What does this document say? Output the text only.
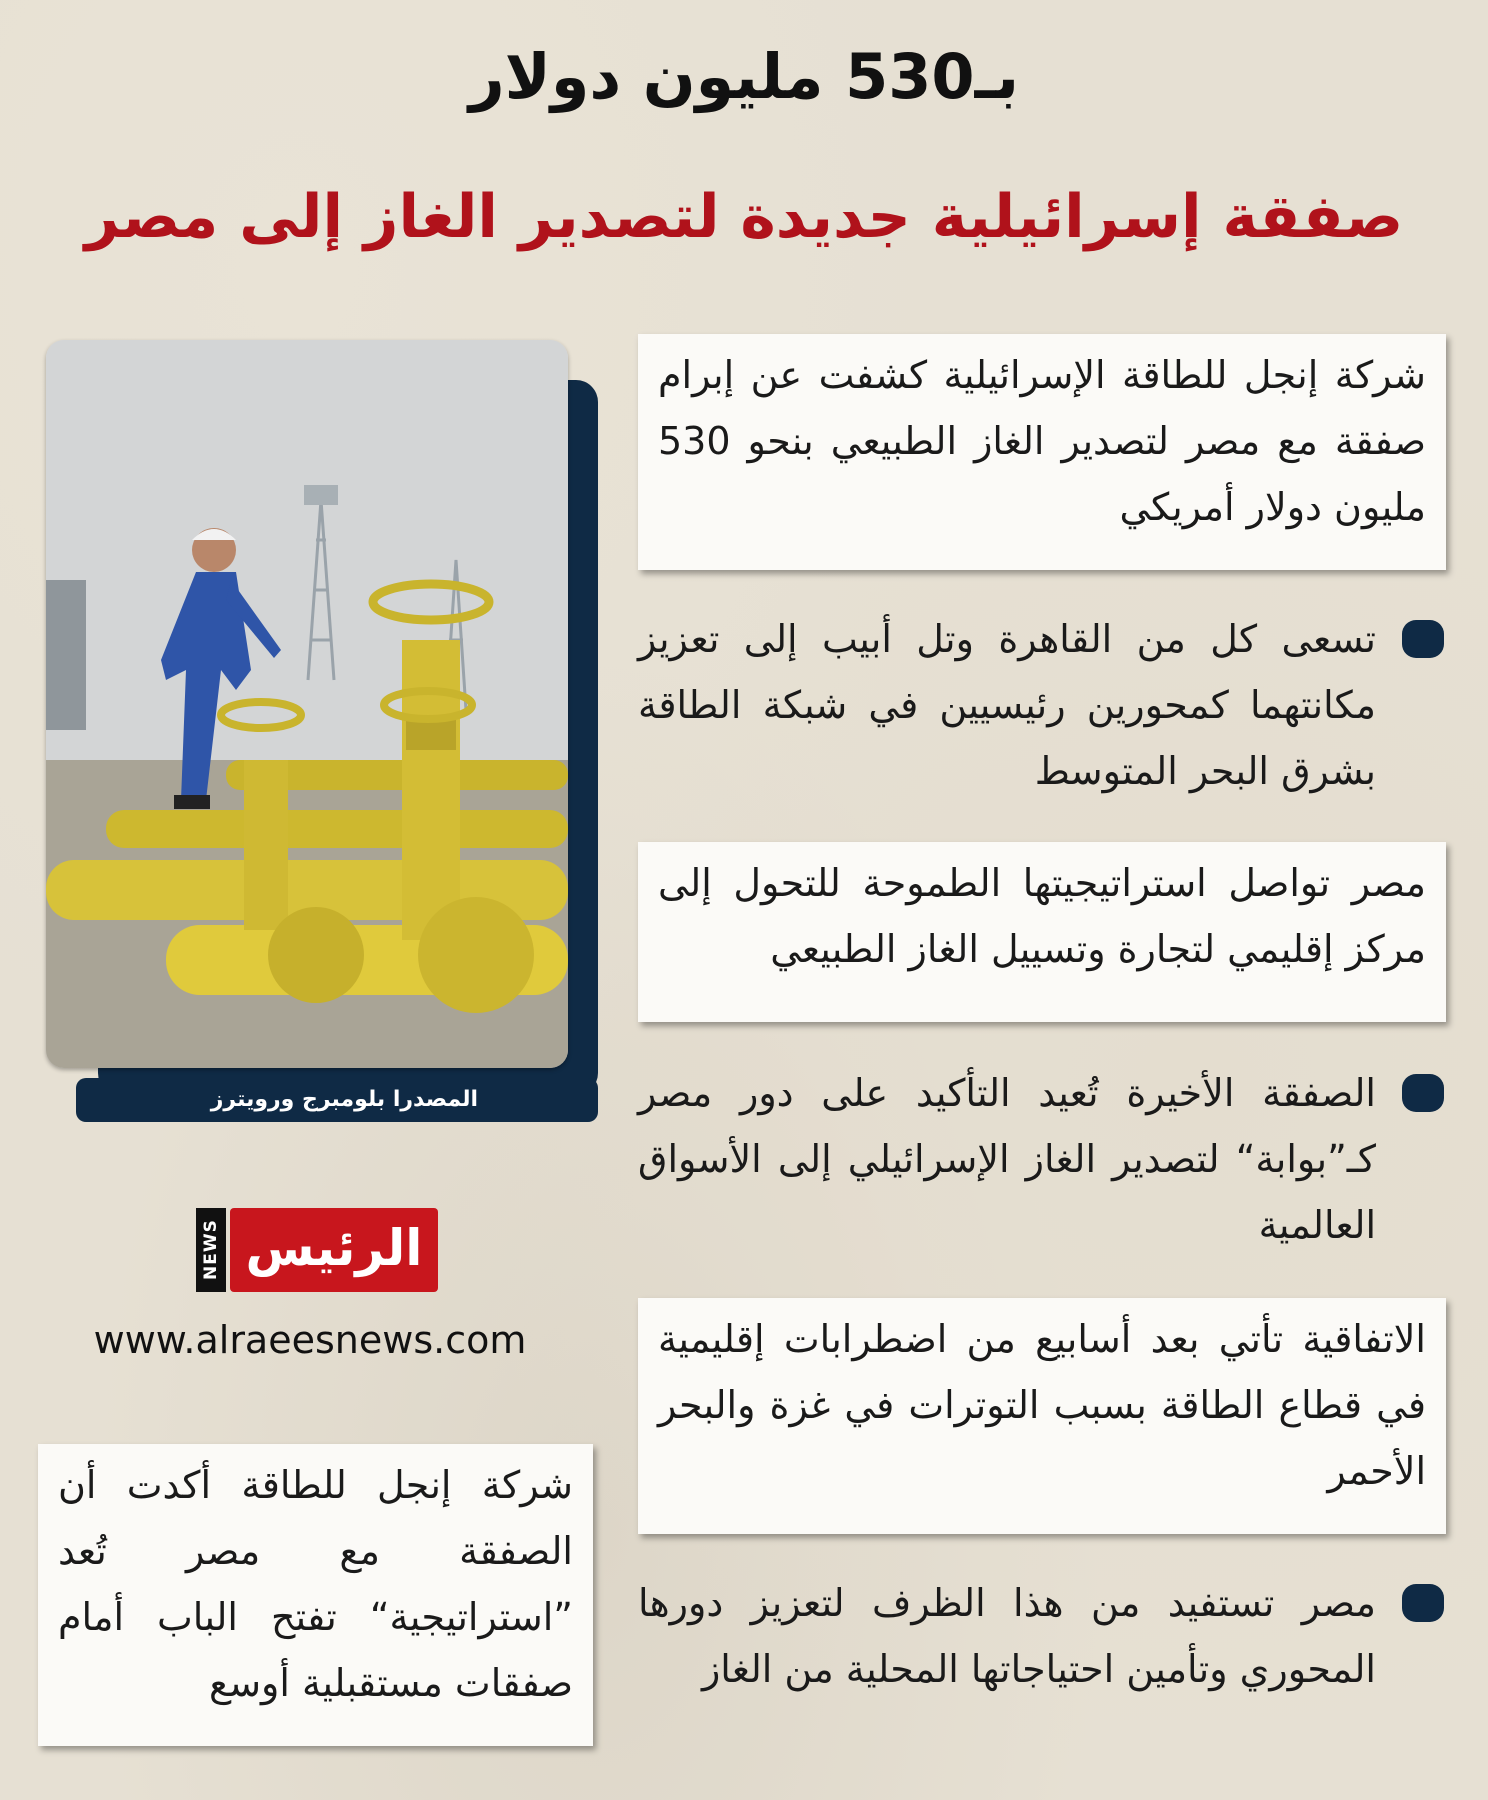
بـ530 مليون دولار
صفقة إسرائيلية جديدة لتصدير الغاز إلى مصر
المصدرا بلومبرج ورويترز
شركة إنجل للطاقة الإسرائيلية كشفت عن إبرام صفقة مع مصر لتصدير الغاز الطبيعي بنحو 530 مليون دولار أمريكي
تسعى كل من القاهرة وتل أبيب إلى تعزيز مكانتهما كمحورين رئيسيين في شبكة الطاقة بشرق البحر المتوسط
مصر تواصل استراتيجيتها الطموحة للتحول إلى مركز إقليمي لتجارة وتسييل الغاز الطبيعي
الصفقة الأخيرة تُعيد التأكيد على دور مصر كـ”بوابة“ لتصدير الغاز الإسرائيلي إلى الأسواق العالمية
الاتفاقية تأتي بعد أسابيع من اضطرابات إقليمية في قطاع الطاقة بسبب التوترات في غزة والبحر الأحمر
مصر تستفيد من هذا الظرف لتعزيز دورها المحوري وتأمين احتياجاتها المحلية من الغاز
شركة إنجل للطاقة أكدت أن الصفقة مع مصر تُعد ”استراتيجية“ تفتح الباب أمام صفقات مستقبلية أوسع
NEWS الرئيس
www.alraeesnews.com
